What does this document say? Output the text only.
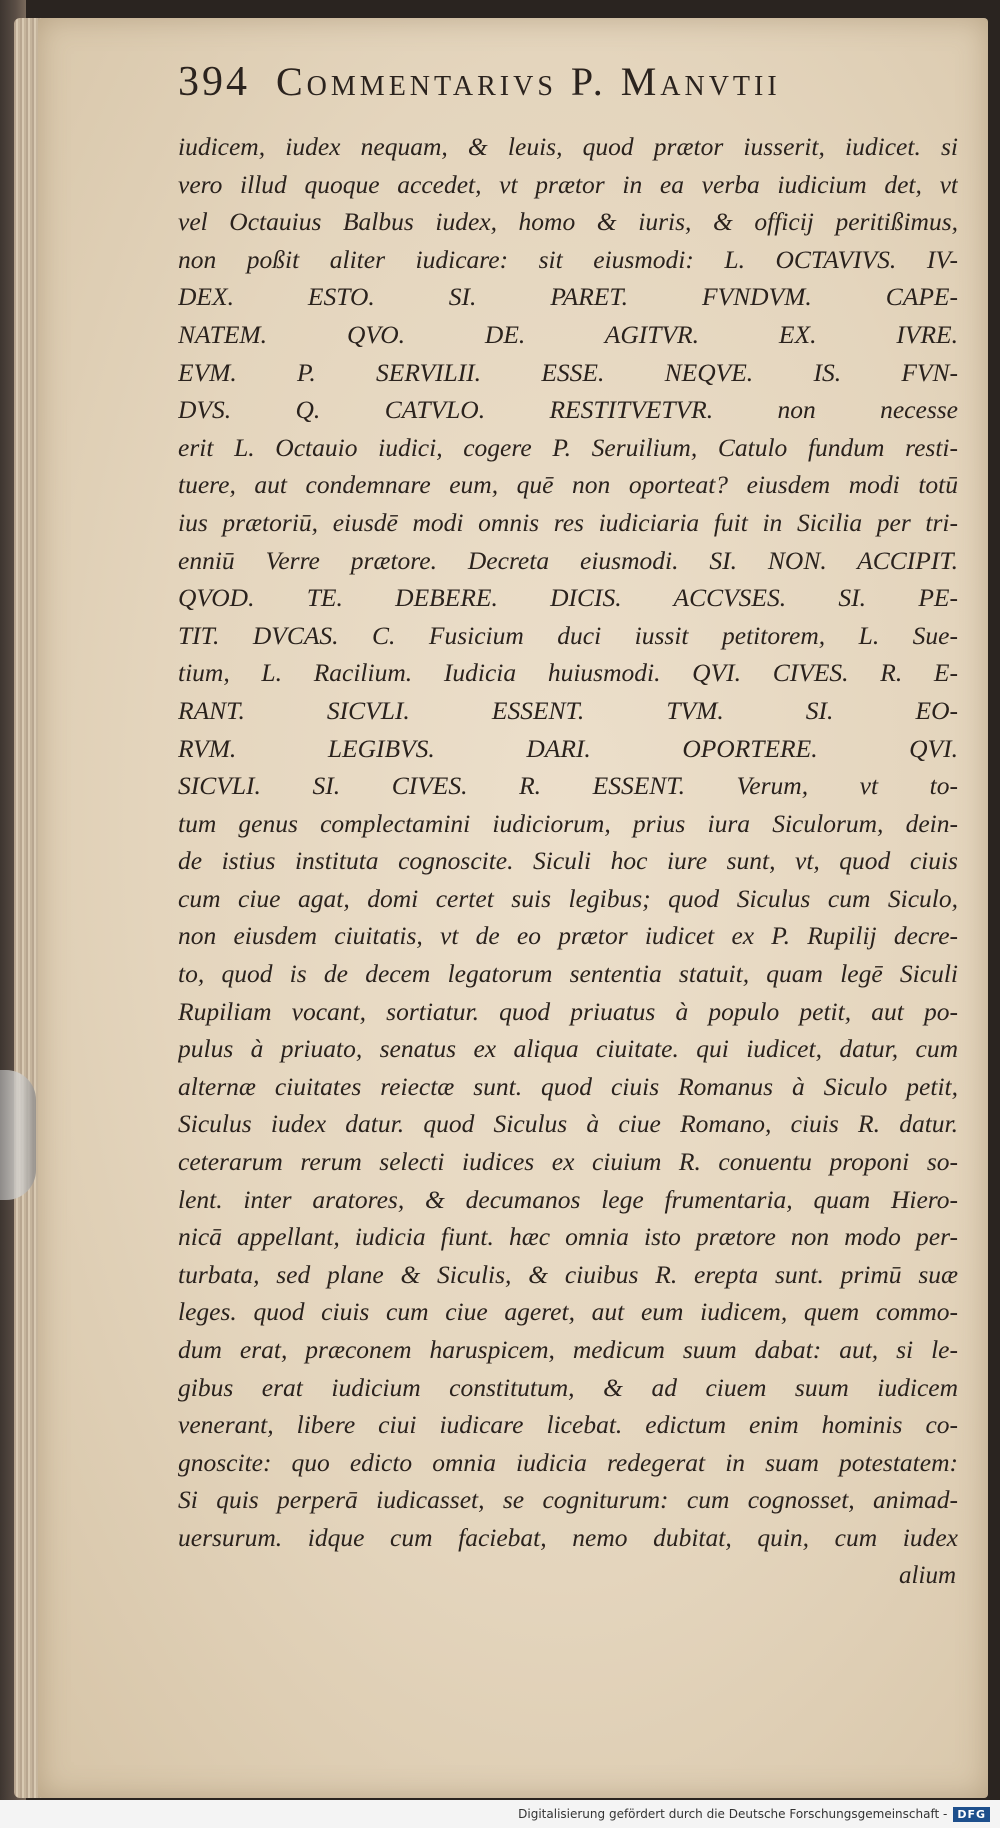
394 Commentarivs P. Manvtii
iudicem, iudex nequam, & leuis, quod prætor iusserit, iudicet. si
vero illud quoque accedet, vt prætor in ea verba iudicium det, vt
vel Octauius Balbus iudex, homo & iuris, & officij peritißimus,
non poßit aliter iudicare: sit eiusmodi: L. OCTAVIVS. IV-
DEX. ESTO. SI. PARET. FVNDVM. CAPE-
NATEM. QVO. DE. AGITVR. EX. IVRE.
EVM. P. SERVILII. ESSE. NEQVE. IS. FVN-
DVS. Q. CATVLO. RESTITVETVR. non necesse
erit L. Octauio iudici, cogere P. Seruilium, Catulo fundum resti-
tuere, aut condemnare eum, quē non oporteat? eiusdem modi totū
ius prætoriū, eiusdē modi omnis res iudiciaria fuit in Sicilia per tri-
enniū Verre prætore. Decreta eiusmodi. SI. NON. ACCIPIT.
QVOD. TE. DEBERE. DICIS. ACCVSES. SI. PE-
TIT. DVCAS. C. Fusicium duci iussit petitorem, L. Sue-
tium, L. Racilium. Iudicia huiusmodi. QVI. CIVES. R. E-
RANT. SICVLI. ESSENT. TVM. SI. EO-
RVM. LEGIBVS. DARI. OPORTERE. QVI.
SICVLI. SI. CIVES. R. ESSENT. Verum, vt to-
tum genus complectamini iudiciorum, prius iura Siculorum, dein-
de istius instituta cognoscite. Siculi hoc iure sunt, vt, quod ciuis
cum ciue agat, domi certet suis legibus; quod Siculus cum Siculo,
non eiusdem ciuitatis, vt de eo prætor iudicet ex P. Rupilij decre-
to, quod is de decem legatorum sententia statuit, quam legē Siculi
Rupiliam vocant, sortiatur. quod priuatus à populo petit, aut po-
pulus à priuato, senatus ex aliqua ciuitate. qui iudicet, datur, cum
alternæ ciuitates reiectæ sunt. quod ciuis Romanus à Siculo petit,
Siculus iudex datur. quod Siculus à ciue Romano, ciuis R. datur.
ceterarum rerum selecti iudices ex ciuium R. conuentu proponi so-
lent. inter aratores, & decumanos lege frumentaria, quam Hiero-
nicā appellant, iudicia fiunt. hæc omnia isto prætore non modo per-
turbata, sed plane & Siculis, & ciuibus R. erepta sunt. primū suæ
leges. quod ciuis cum ciue ageret, aut eum iudicem, quem commo-
dum erat, præconem haruspicem, medicum suum dabat: aut, si le-
gibus erat iudicium constitutum, & ad ciuem suum iudicem
venerant, libere ciui iudicare licebat. edictum enim hominis co-
gnoscite: quo edicto omnia iudicia redegerat in suam potestatem:
Si quis perperā iudicasset, se cogniturum: cum cognosset, animad-
uersurum. idque cum faciebat, nemo dubitat, quin, cum iudex
alium
Digitalisierung gefördert durch die Deutsche Forschungsgemeinschaft - DFG
